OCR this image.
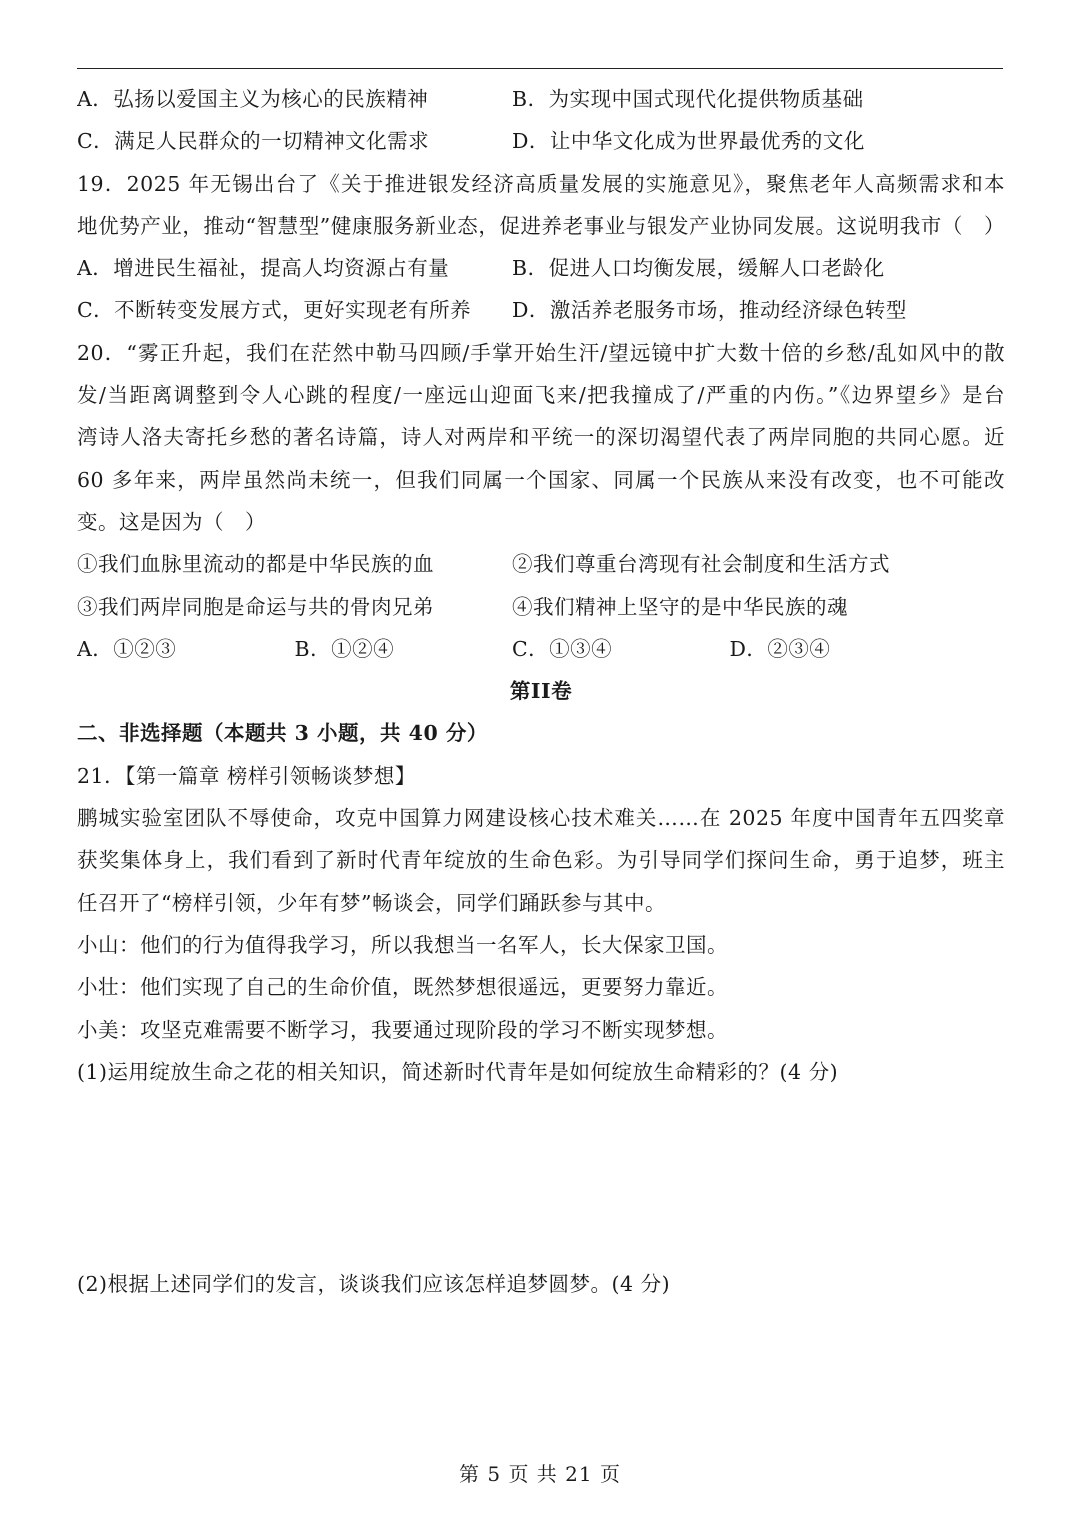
A．弘扬以爱国主义为核心的民族精神	B．为实现中国式现代化提供物质基础
C．满足人民群众的一切精神文化需求	D．让中华文化成为世界最优秀的文化
19．2025 年无锡出台了《关于推进银发经济高质量发展的实施意见》，聚焦老年人高频需求和本
地优势产业，推动“智慧型”健康服务新业态，促进养老事业与银发产业协同发展。这说明我市（　）
A．增进民生福祉，提高人均资源占有量	B．促进人口均衡发展，缓解人口老龄化
C．不断转变发展方式，更好实现老有所养	D．激活养老服务市场，推动经济绿色转型
20．“雾正升起，我们在茫然中勒马四顾/手掌开始生汗/望远镜中扩大数十倍的乡愁/乱如风中的散
发/当距离调整到令人心跳的程度/一座远山迎面飞来/把我撞成了/严重的内伤。”《边界望乡》是台
湾诗人洛夫寄托乡愁的著名诗篇，诗人对两岸和平统一的深切渴望代表了两岸同胞的共同心愿。近
60 多年来，两岸虽然尚未统一，但我们同属一个国家、同属一个民族从来没有改变，也不可能改
变。这是因为（　）
①我们血脉里流动的都是中华民族的血	②我们尊重台湾现有社会制度和生活方式
③我们两岸同胞是命运与共的骨肉兄弟	④我们精神上坚守的是中华民族的魂
A．①②③	B．①②④	C．①③④	D．②③④
第II卷
二、非选择题（本题共 3 小题，共 40 分）
21．【第一篇章 榜样引领畅谈梦想】
鹏城实验室团队不辱使命，攻克中国算力网建设核心技术难关……在 2025 年度中国青年五四奖章
获奖集体身上，我们看到了新时代青年绽放的生命色彩。为引导同学们探问生命，勇于追梦，班主
任召开了“榜样引领，少年有梦”畅谈会，同学们踊跃参与其中。
小山：他们的行为值得我学习，所以我想当一名军人，长大保家卫国。
小壮：他们实现了自己的生命价值，既然梦想很遥远，更要努力靠近。
小美：攻坚克难需要不断学习，我要通过现阶段的学习不断实现梦想。
(1)运用绽放生命之花的相关知识，简述新时代青年是如何绽放生命精彩的？(4 分)
(2)根据上述同学们的发言，谈谈我们应该怎样追梦圆梦。(4 分)
第 5 页 共 21 页
